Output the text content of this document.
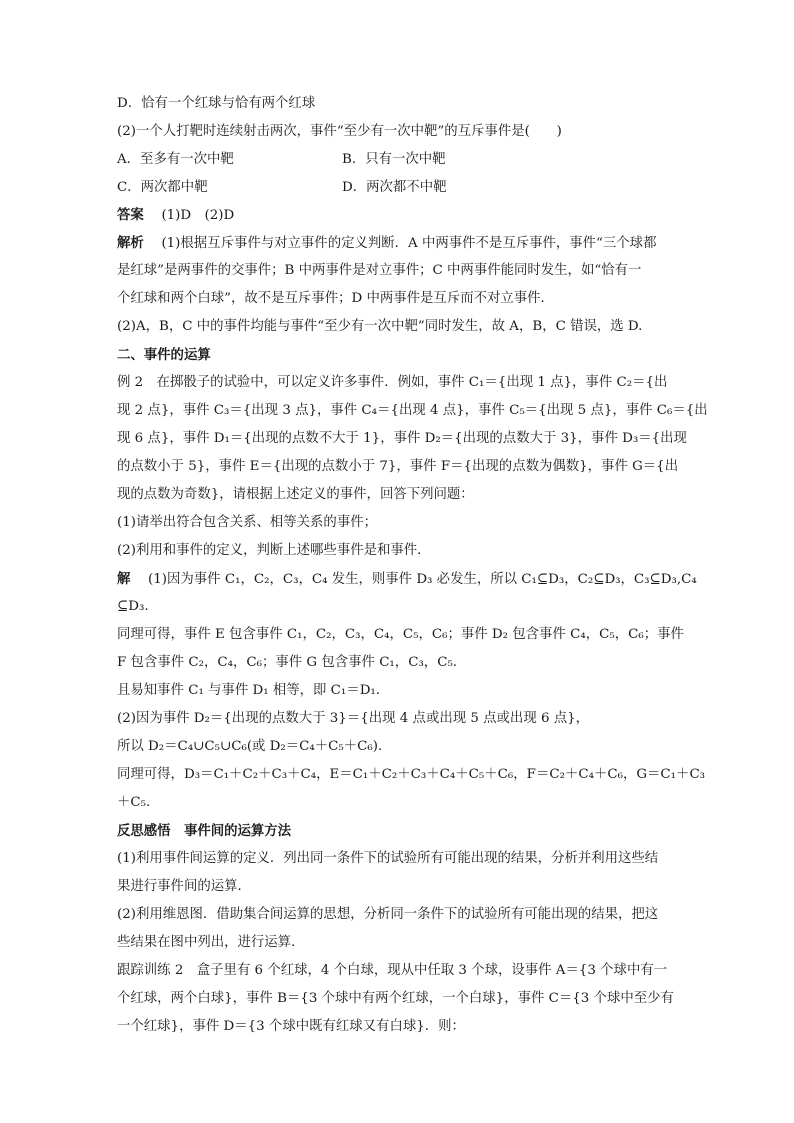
D．恰有一个红球与恰有两个红球
(2)一个人打靶时连续射击两次，事件“至少有一次中靶”的互斥事件是(　　)
A．至多有一次中靶	B．只有一次中靶
C．两次都中靶	D．两次都不中靶
答案　 (1)D　(2)D
解析　 (1)根据互斥事件与对立事件的定义判断．A 中两事件不是互斥事件，事件“三个球都
是红球”是两事件的交事件；B 中两事件是对立事件；C 中两事件能同时发生，如“恰有一
个红球和两个白球”，故不是互斥事件；D 中两事件是互斥而不对立事件．
(2)A，B，C 中的事件均能与事件“至少有一次中靶”同时发生，故 A，B，C 错误，选 D.
二、事件的运算
例 2　在掷骰子的试验中，可以定义许多事件．例如，事件 C₁＝{出现 1 点}，事件 C₂＝{出
现 2 点}，事件 C₃＝{出现 3 点}，事件 C₄＝{出现 4 点}，事件 C₅＝{出现 5 点}，事件 C₆＝{出
现 6 点}，事件 D₁＝{出现的点数不大于 1}，事件 D₂＝{出现的点数大于 3}，事件 D₃＝{出现
的点数小于 5}，事件 E＝{出现的点数小于 7}，事件 F＝{出现的点数为偶数}，事件 G＝{出
现的点数为奇数}，请根据上述定义的事件，回答下列问题：
(1)请举出符合包含关系、相等关系的事件；
(2)利用和事件的定义，判断上述哪些事件是和事件．
解　 (1)因为事件 C₁，C₂，C₃，C₄ 发生，则事件 D₃ 必发生，所以 C₁⊆D₃，C₂⊆D₃，C₃⊆D₃,C₄
⊆D₃.
同理可得，事件 E 包含事件 C₁，C₂，C₃，C₄，C₅，C₆；事件 D₂ 包含事件 C₄，C₅，C₆；事件
F 包含事件 C₂，C₄，C₆；事件 G 包含事件 C₁，C₃，C₅.
且易知事件 C₁ 与事件 D₁ 相等，即 C₁＝D₁.
(2)因为事件 D₂＝{出现的点数大于 3}＝{出现 4 点或出现 5 点或出现 6 点}，
所以 D₂＝C₄∪C₅∪C₆(或 D₂＝C₄＋C₅＋C₆)．
同理可得，D₃＝C₁＋C₂＋C₃＋C₄，E＝C₁＋C₂＋C₃＋C₄＋C₅＋C₆，F＝C₂＋C₄＋C₆，G＝C₁＋C₃
＋C₅.
反思感悟　事件间的运算方法
(1)利用事件间运算的定义．列出同一条件下的试验所有可能出现的结果，分析并利用这些结
果进行事件间的运算．
(2)利用维恩图．借助集合间运算的思想，分析同一条件下的试验所有可能出现的结果，把这
些结果在图中列出，进行运算．
跟踪训练 2　盒子里有 6 个红球，4 个白球，现从中任取 3 个球，设事件 A＝{3 个球中有一
个红球，两个白球}，事件 B＝{3 个球中有两个红球，一个白球}，事件 C＝{3 个球中至少有
一个红球}，事件 D＝{3 个球中既有红球又有白球}．则：
